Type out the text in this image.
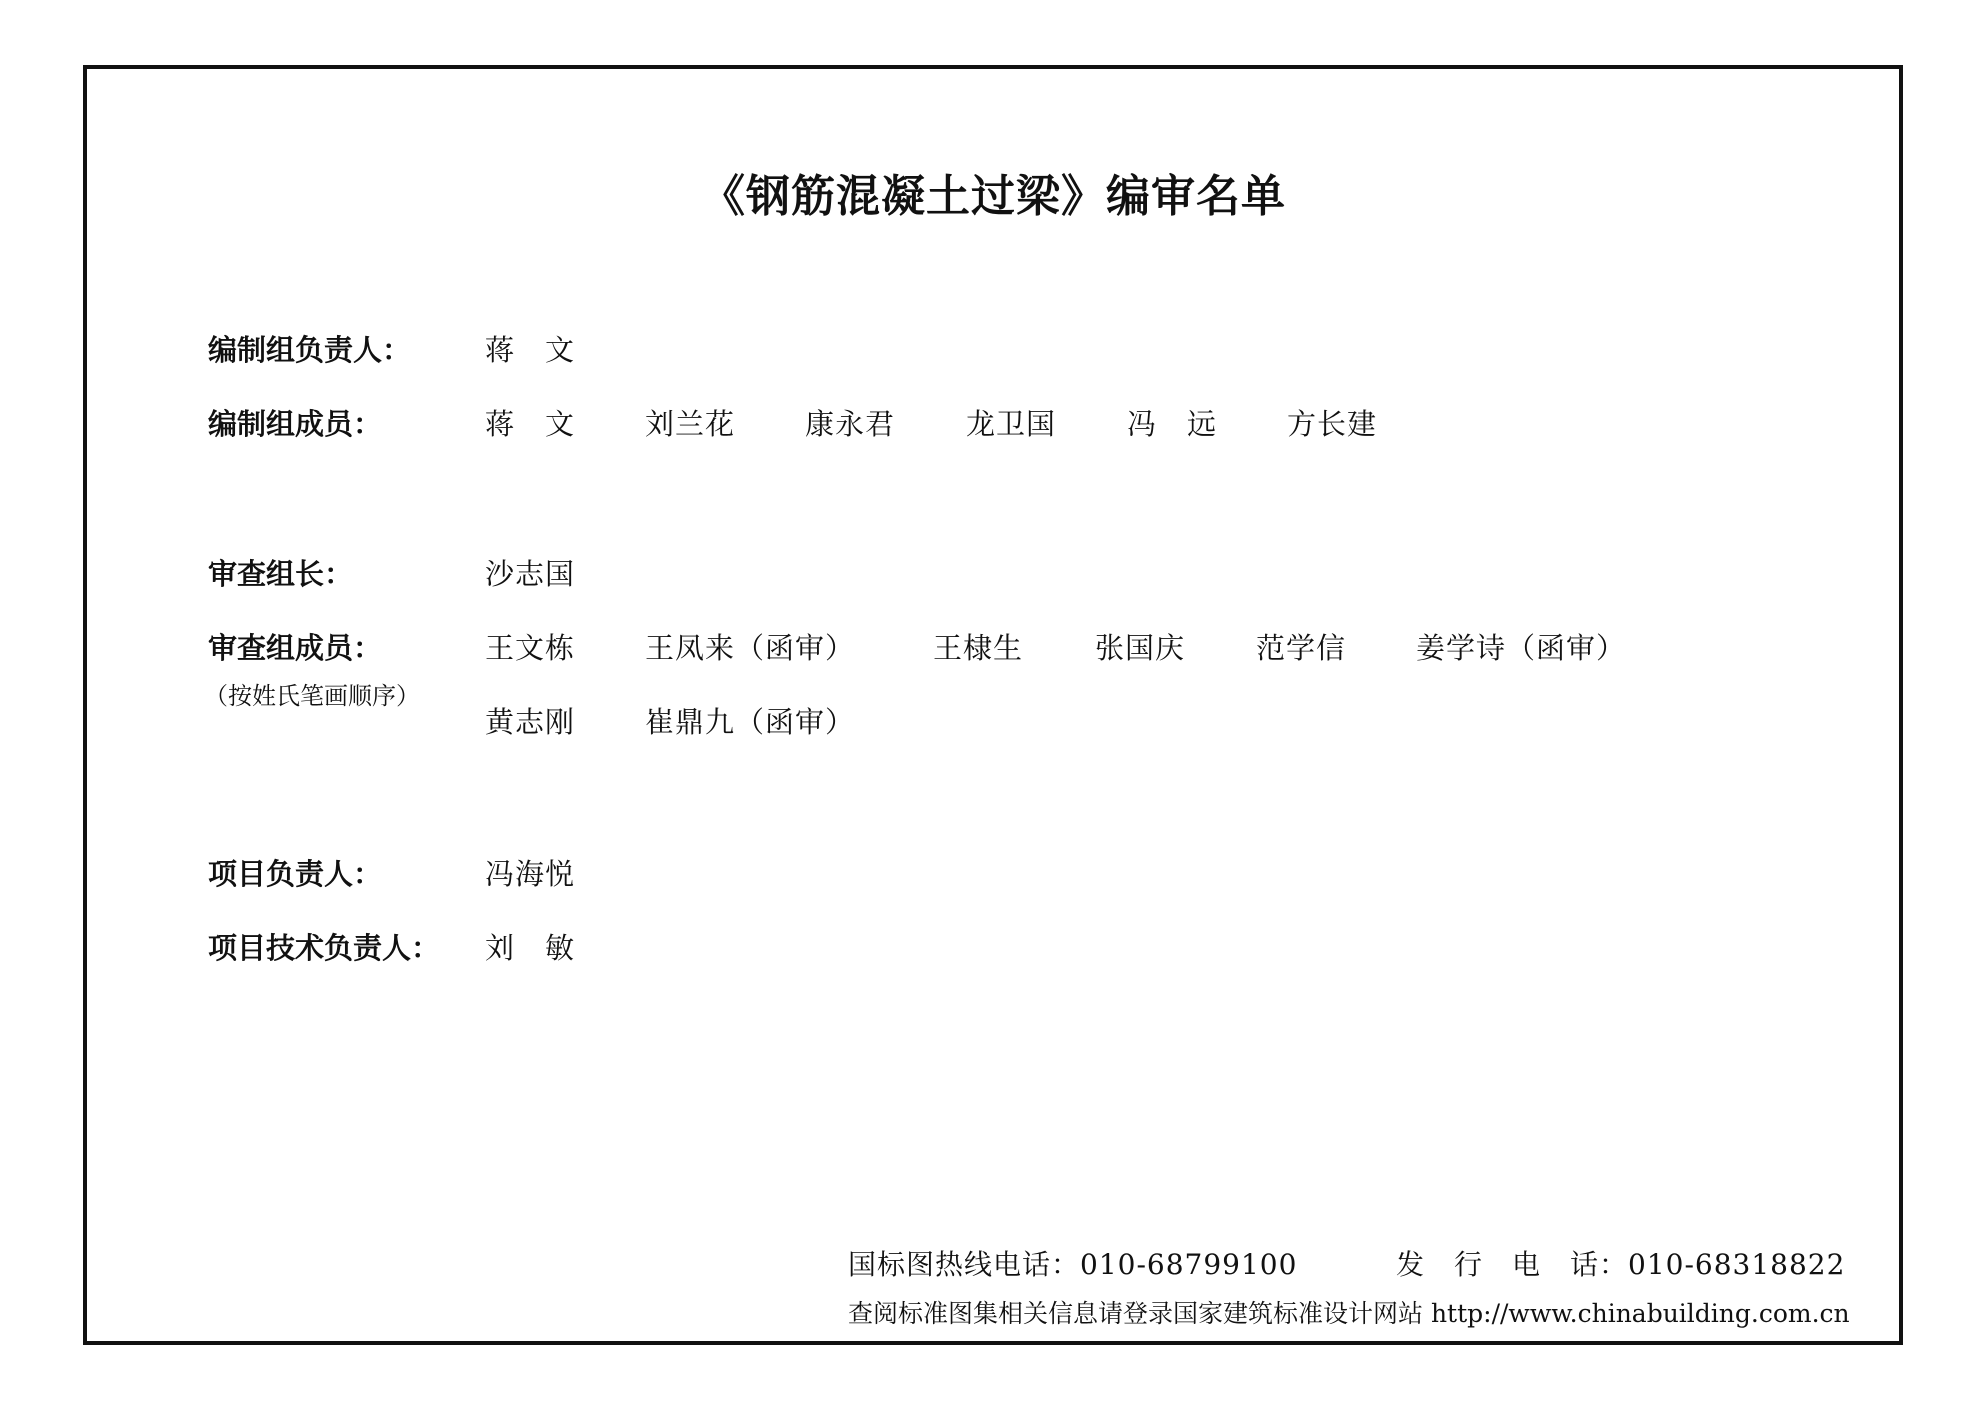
《钢筋混凝土过梁》编审名单
编制组负责人：	蒋　文
编制组成员：	蒋　文 刘兰花 康永君 龙卫国 冯　远 方长建
审查组长：	沙志国
审查组成员：
（按姓氏笔画顺序）
王文栋 王凤来（函审）	王棣生 张国庆 范学信 姜学诗（函审）
黄志刚 崔鼎九（函审）
项目负责人：	冯海悦
项目技术负责人： 刘　敏
国标图热线电话：010-68799100	发　行　电　话：010-68318822
查阅标准图集相关信息请登录国家建筑标准设计网站 http://www.chinabuilding.com.cn
